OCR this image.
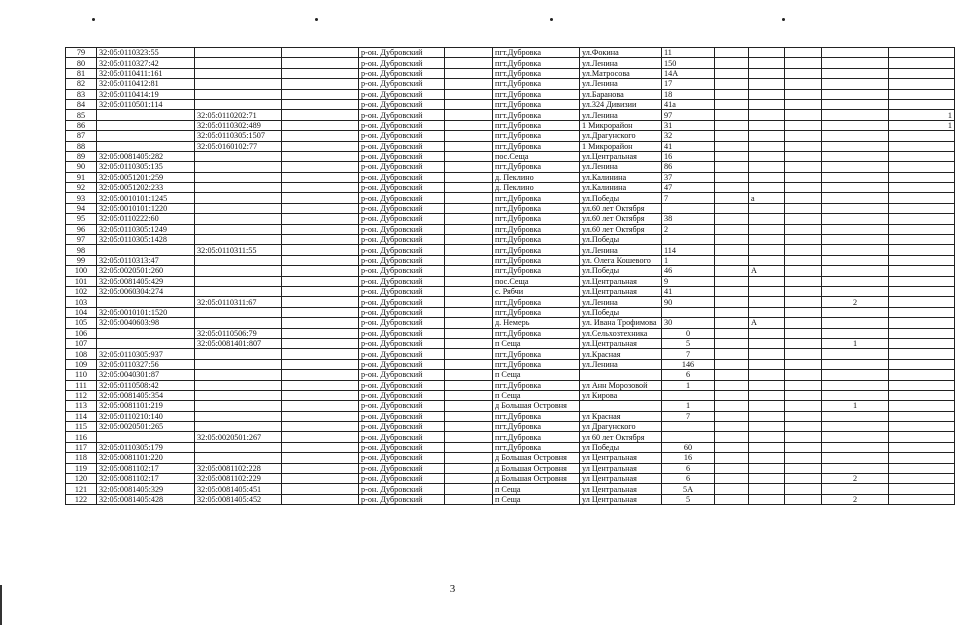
79	32:05:0110323:55			р-он. Дубровский		пгт.Дубровка	ул.Фокина	11					
80	32:05:0110327:42			р-он. Дубровский		пгт.Дубровка	ул.Ленина	150					
81	32:05:0110411:161			р-он. Дубровский		пгт.Дубровка	ул.Матросова	14А					
82	32:05:0110412:81			р-он. Дубровский		пгт.Дубровка	ул.Ленина	17					
83	32:05:0110414:19			р-он. Дубровский		пгт.Дубровка	ул.Баранова	18					
84	32:05:0110501:114			р-он. Дубровский		пгт.Дубровка	ул.324 Дивизии	41а					
85		32:05:0110202:71		р-он. Дубровский		пгт.Дубровка	ул.Ленина	97					1
86		32:05:0110302:489		р-он. Дубровский		пгт.Дубровка	1 Микрорайон	31					1
87		32:05:0110305:1507		р-он. Дубровский		пгт.Дубровка	ул.Драгунского	32					
88		32:05:0160102:77		р-он. Дубровский		пгт.Дубровка	1 Микрорайон	41					
89	32:05:0081405:282			р-он. Дубровский		пос.Сеща	ул.Центральная	16					
90	32:05:0110305:135			р-он. Дубровский		пгт.Дубровка	ул.Ленина	86					
91	32:05:0051201:259			р-он. Дубровский		д. Пеклино	ул.Калинина	37					
92	32:05:0051202:233			р-он. Дубровский		д. Пеклино	ул.Калинина	47					
93	32:05:0010101:1245			р-он. Дубровский		пгт.Дубровка	ул.Победы	7		а			
94	32:05:0010101:1220			р-он. Дубровский		пгт.Дубровка	ул.60 лет Октября						
95	32:05:0110222:60			р-он. Дубровский		пгт.Дубровка	ул.60 лет Октября	38					
96	32:05:0110305:1249			р-он. Дубровский		пгт.Дубровка	ул.60 лет Октября	2					
97	32:05:0110305:1428			р-он. Дубровский		пгт.Дубровка	ул.Победы						
98		32:05:0110311:55		р-он. Дубровский		пгт.Дубровка	ул.Ленина	114					
99	32:05:0110313:47			р-он. Дубровский		пгт.Дубровка	ул. Олега Кошевого	1					
100	32:05:0020501:260			р-он. Дубровский		пгт.Дубровка	ул.Победы	46		А			
101	32:05:0081405:429			р-он. Дубровский		пос.Сеща	ул.Центральная	9					
102	32:05:0060304:274			р-он. Дубровский		с. Рябчи	ул.Центральная	41					
103		32:05:0110311:67		р-он. Дубровский		пгт.Дубровка	ул.Ленина	90				2	
104	32:05:0010101:1520			р-он. Дубровский		пгт.Дубровка	ул.Победы						
105	32:05:0040603:98			р-он. Дубровский		д. Немерь	ул. Ивана Трофимова	30		А			
106		32:05:0110506:79		р-он. Дубровский		пгт.Дубровка	ул.Сельхозтехника	0					
107		32:05:0081401:807		р-он. Дубровский		п Сеща	ул.Центральная	5				1	
108	32:05:0110305:937			р-он. Дубровский		пгт.Дубровка	ул.Красная	7					
109	32:05:0110327:56			р-он. Дубровский		пгт.Дубровка	ул.Ленина	146					
110	32:05:0040301:87			р-он. Дубровский		п Сеща		6					
111	32:05:0110508:42			р-он. Дубровский		пгт.Дубровка	ул Анн Морозовой	1					
112	32:05:0081405:354			р-он. Дубровский		п Сеща	ул Кирова						
113	32:05:0081101:219			р-он. Дубровский		д Большая Островня		1				1	
114	32:05:0110210:140			р-он. Дубровский		пгт.Дубровка	ул Красная	7					
115	32:05:0020501:265			р-он. Дубровский		пгт.Дубровка	ул Драгунского						
116		32:05:0020501:267		р-он. Дубровский		пгт.Дубровка	ул 60 лет Октября						
117	32:05:0110305:179			р-он. Дубровский		пгт.Дубровка	ул Победы	60					
118	32:05:0081101:220			р-он. Дубровский		д Большая Островня	ул Центральная	16					
119	32:05:0081102:17	32:05:0081102:228		р-он. Дубровский		д Большая Островня	ул Центральная	6					
120	32:05:0081102:17	32:05:0081102:229		р-он. Дубровский		д Большая Островня	ул Центральная	6				2	
121	32:05:0081405:329	32:05:0081405:451		р-он. Дубровский		п Сеща	ул Центральная	5А					
122	32:05:0081405:428	32:05:0081405:452		р-он. Дубровский		п Сеща	ул Центральная	5				2	
3
